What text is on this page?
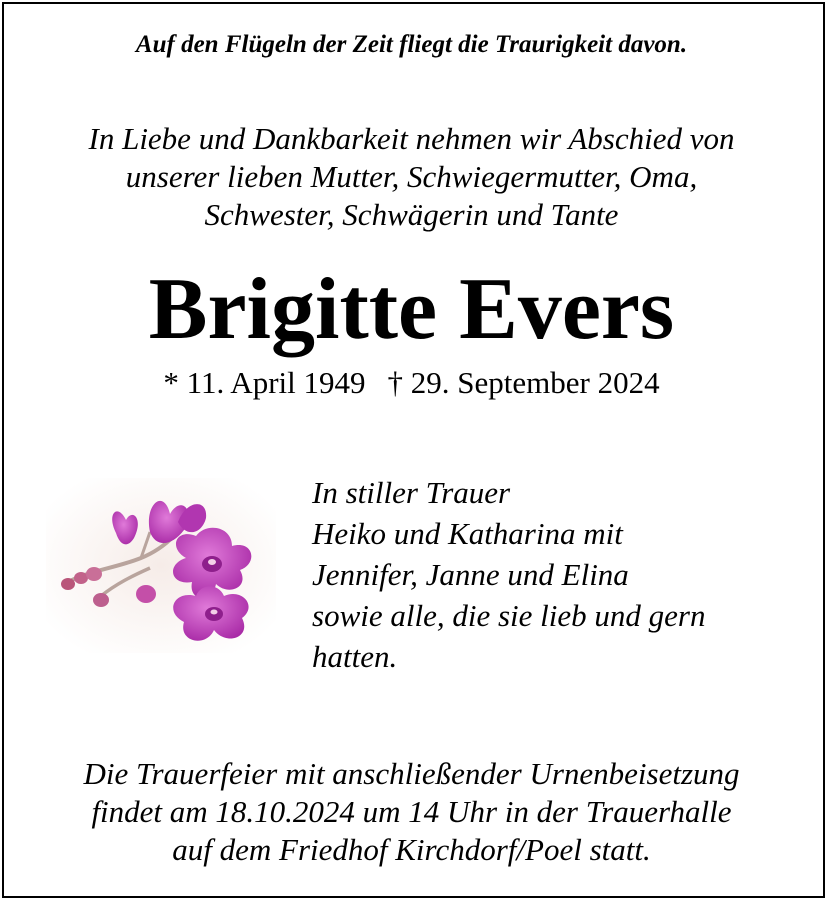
Auf den Flügeln der Zeit fliegt die Traurigkeit davon.
In Liebe und Dankbarkeit nehmen wir Abschied von
unserer lieben Mutter, Schwiegermutter, Oma,
Schwester, Schwägerin und Tante
Brigitte Evers
* 11. April 1949 † 29. September 2024
In stiller Trauer
Heiko und Katharina mit
Jennifer, Janne und Elina
sowie alle, die sie lieb und gern
hatten.
Die Trauerfeier mit anschließender Urnenbeisetzung
findet am 18.10.2024 um 14 Uhr in der Trauerhalle
auf dem Friedhof Kirchdorf/Poel statt.
